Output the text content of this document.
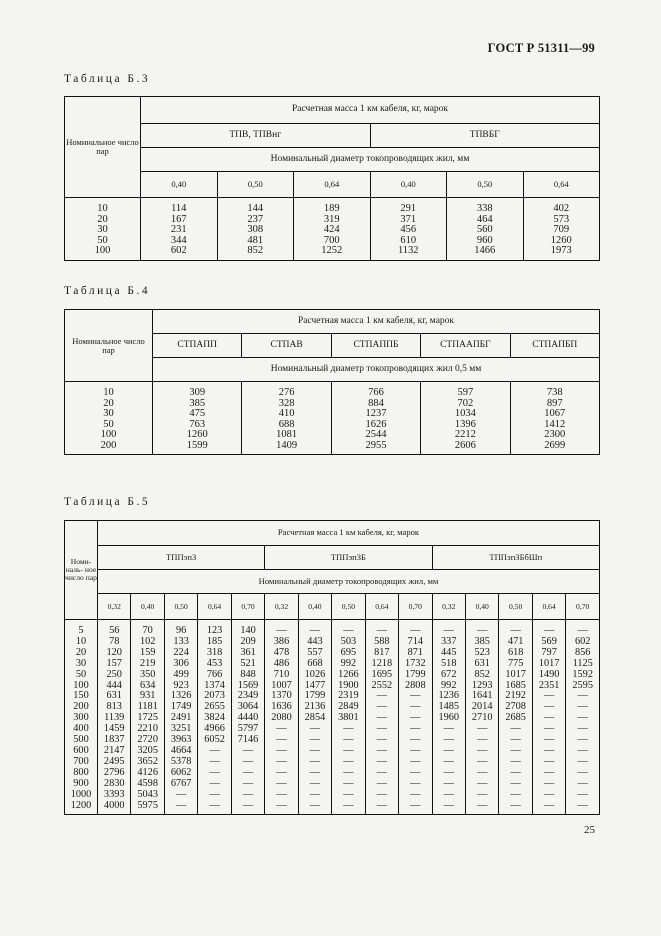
ГОСТ Р 51311—99
Таблица Б.3
Номинальное число пар	Расчетная масса 1 км кабеля, кг, марок					
	ТПВ, ТПВнг			ТПВБГ		
	Номинальный диаметр токопроводящих жил, мм					
	0,40	0,50	0,64	0,40	0,50	0,64
10	114	144	189	291	338	402
20	167	237	319	371	464	573
30	231	308	424	456	560	709
50	344	481	700	610	960	1260
100	602	852	1252	1132	1466	1973
Таблица Б.4
Номинальное число пар	Расчетная масса 1 км кабеля, кг, марок				
	СТПАПП	СТПАВ	СТПАППБ	СТПААПБГ	СТПАПБП
	Номинальный диаметр токопроводящих жил 0,5 мм				
10	309	276	766	597	738
20	385	328	884	702	897
30	475	410	1237	1034	1067
50	763	688	1626	1396	1412
100	1260	1081	2544	2212	2300
200	1599	1409	2955	2606	2699
Таблица Б.5
Номи- наль- ное число пар	Расчетная масса 1 км кабеля, кг, марок														
	ТППэпЗ					ТППэпЗБ					ТППэпЗБбШп				
	Номинальный диаметр токопроводящих жил, мм														
	0,32	0,40	0,50	0,64	0,70	0,32	0,40	0,50	0,64	0,70	0,32	0,40	0,50	0,64	0,70
5	56	70	96	123	140	—	—	—	—	—	—	—	—	—	—
10	78	102	133	185	209	386	443	503	588	714	337	385	471	569	602
20	120	159	224	318	361	478	557	695	817	871	445	523	618	797	856
30	157	219	306	453	521	486	668	992	1218	1732	518	631	775	1017	1125
50	250	350	499	766	848	710	1026	1266	1695	1799	672	852	1017	1490	1592
100	444	634	923	1374	1569	1007	1477	1900	2552	2808	992	1293	1685	2351	2595
150	631	931	1326	2073	2349	1370	1799	2319	—	—	1236	1641	2192	—	—
200	813	1181	1749	2655	3064	1636	2136	2849	—	—	1485	2014	2708	—	—
300	1139	1725	2491	3824	4440	2080	2854	3801	—	—	1960	2710	2685	—	—
400	1459	2210	3251	4966	5797	—	—	—	—	—	—	—	—	—	—
500	1837	2720	3963	6052	7146	—	—	—	—	—	—	—	—	—	—
600	2147	3205	4664	—	—	—	—	—	—	—	—	—	—	—	—
700	2495	3652	5378	—	—	—	—	—	—	—	—	—	—	—	—
800	2796	4126	6062	—	—	—	—	—	—	—	—	—	—	—	—
900	2830	4598	6767	—	—	—	—	—	—	—	—	—	—	—	—
1000	3393	5043	—	—	—	—	—	—	—	—	—	—	—	—	—
1200	4000	5975	—	—	—	—	—	—	—	—	—	—	—	—	—
25
